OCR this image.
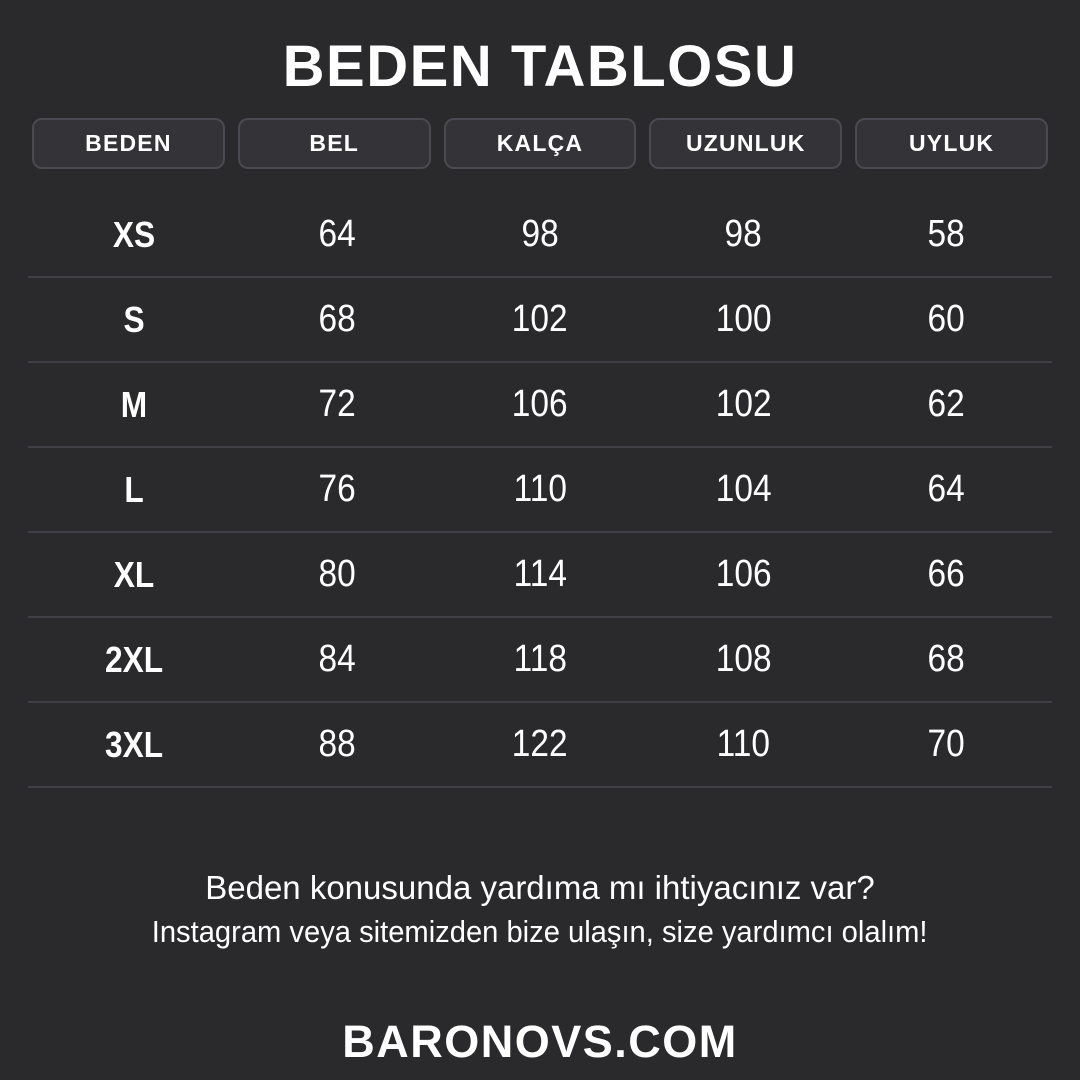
BEDEN TABLOSU
BEDEN	BEL	KALÇA	UZUNLUK	UYLUK
XS	64	98	98	58
S	68	102	100	60
M	72	106	102	62
L	76	110	104	64
XL	80	114	106	66
2XL	84	118	108	68
3XL	88	122	110	70
Beden konusunda yardıma mı ihtiyacınız var?
Instagram veya sitemizden bize ulaşın, size yardımcı olalım!
BARONOVS.COM
